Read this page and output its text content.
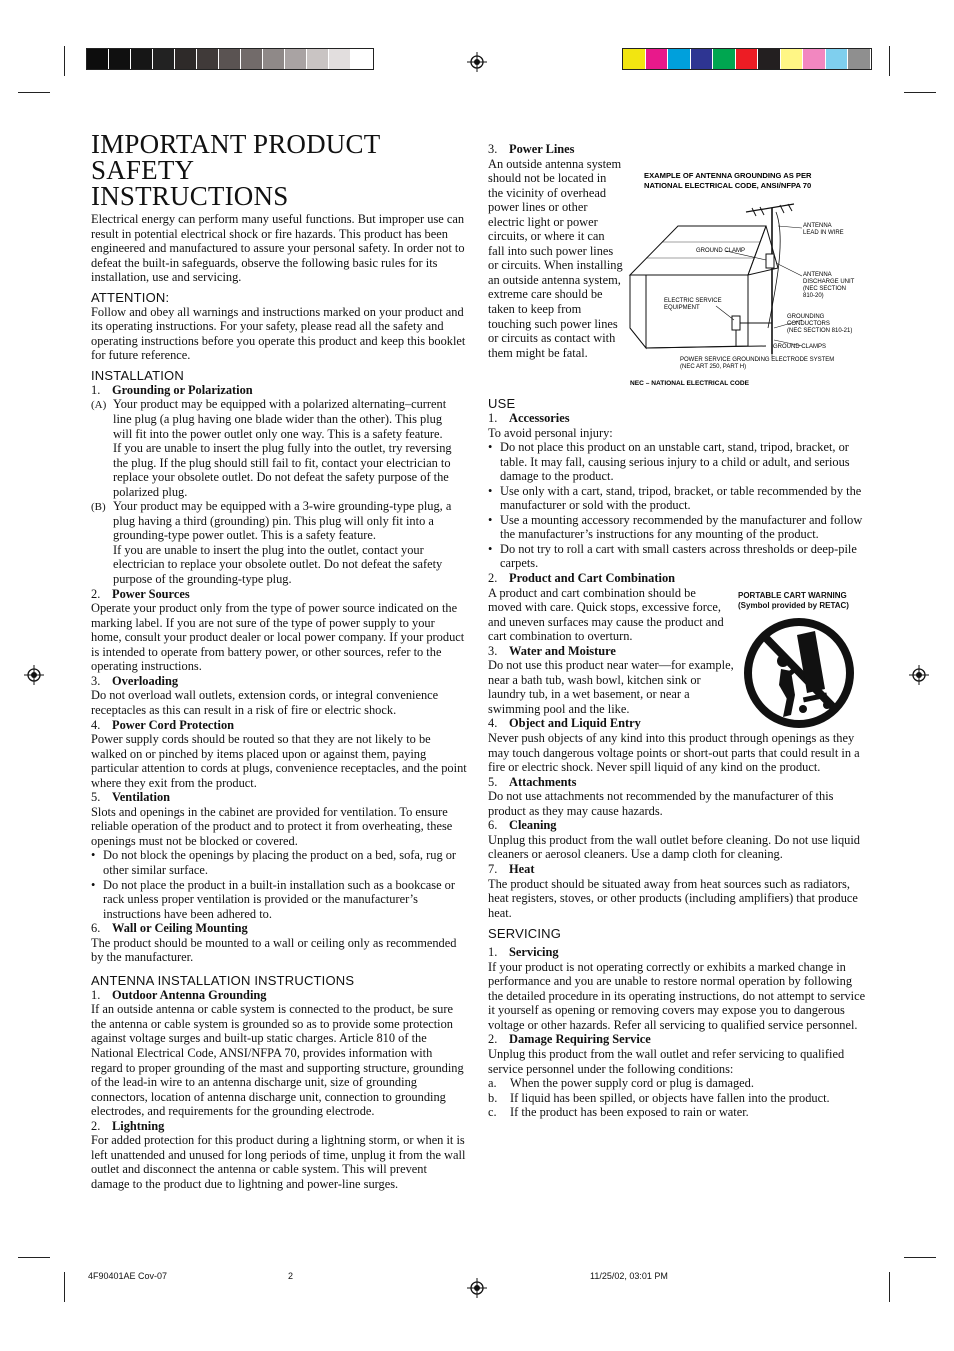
IMPORTANT PRODUCT SAFETY
INSTRUCTIONS

Electrical energy can perform many useful functions. But improper use can result in potential electrical shock or fire hazards. This product has been engineered and manufactured to assure your personal safety. In order not to defeat the built-in safeguards, observe the following basic rules for its installation, use and servicing.

ATTENTION:

Follow and obey all warnings and instructions marked on your product and its operating instructions. For your safety, please read all the safety and operating instructions before you operate this product and keep this booklet for future reference.

INSTALLATION
1. Grounding or Polarization
(A) Your product may be equipped with a polarized alternating–current line plug (a plug having one blade wider than the other). This plug will fit into the power outlet only one way. This is a safety feature.

If you are unable to insert the plug fully into the outlet, try reversing the plug. If the plug should still fail to fit, contact your electrician to replace your obsolete outlet. Do not defeat the safety purpose of the polarized plug.

(B) Your product may be equipped with a 3-wire grounding-type plug, a plug having a third (grounding) pin. This plug will only fit into a grounding-type power outlet. This is a safety feature.

If you are unable to insert the plug into the outlet, contact your electrician to replace your obsolete outlet. Do not defeat the safety purpose of the grounding-type plug.

2. Power Sources

Operate your product only from the type of power source indicated on the marking label. If you are not sure of the type of power supply to your home, consult your product dealer or local power company. If your product is intended to operate from battery power, or other sources, refer to the operating instructions.

3. Overloading

Do not overload wall outlets, extension cords, or integral convenience receptacles as this can result in a risk of fire or electric shock.

4. Power Cord Protection

Power supply cords should be routed so that they are not likely to be walked on or pinched by items placed upon or against them, paying particular attention to cords at plugs, convenience receptacles, and the point where they exit from the product.

5. Ventilation

Slots and openings in the cabinet are provided for ventilation. To ensure reliable operation of the product and to protect it from overheating, these openings must not be blocked or covered.

• Do not block the openings by placing the product on a bed, sofa, rug or other similar surface.

• Do not place the product in a built-in installation such as a bookcase or rack unless proper ventilation is provided or the manufacturer’s instructions have been adhered to.

6. Wall or Ceiling Mounting

The product should be mounted to a wall or ceiling only as recommended by the manufacturer.

ANTENNA INSTALLATION INSTRUCTIONS
1. Outdoor Antenna Grounding

If an outside antenna or cable system is connected to the product, be sure the antenna or cable system is grounded so as to provide some protection against voltage surges and built-up static charges. Article 810 of the National Electrical Code, ANSI/NFPA 70, provides information with regard to proper grounding of the mast and supporting structure, grounding of the lead-in wire to an antenna discharge unit, size of grounding connectors, location of antenna discharge unit, connection to grounding electrodes, and requirements for the grounding electrode.

2. Lightning

For added protection for this product during a lightning storm, or when it is left unattended and unused for long periods of time, unplug it from the wall outlet and disconnect the antenna or cable system. This will prevent damage to the product due to lightning and power-line surges.

3. Power Lines

An outside antenna system should not be located in the vicinity of overhead power lines or other electric light or power circuits, or where it can fall into such power lines or circuits. When installing an outside antenna system, extreme care should be taken to keep from touching such power lines or circuits as contact with them might be fatal.

EXAMPLE OF ANTENNA GROUNDING AS PER
NATIONAL ELECTRICAL CODE, ANSI/NFPA 70
ANTENNA
LEAD IN WIRE
GROUND CLAMP
ANTENNA
DISCHARGE UNIT
(NEC SECTION
810-20)
ELECTRIC SERVICE
EQUIPMENT
GROUNDING
CONDUCTORS
(NEC SECTION 810-21)
GROUND CLAMPS
POWER SERVICE GROUNDING ELECTRODE SYSTEM
(NEC ART 250, PART H)
NEC – NATIONAL ELECTRICAL CODE
USE
1. Accessories

To avoid personal injury:

• Do not place this product on an unstable cart, stand, tripod, bracket, or table. It may fall, causing serious injury to a child or adult, and serious damage to the product.

• Use only with a cart, stand, tripod, bracket, or table recommended by the manufacturer or sold with the product.

• Use a mounting accessory recommended by the manufacturer and follow the manufacturer’s instructions for any mounting of the product.

• Do not try to roll a cart with small casters across thresholds or deep-pile carpets.

2. Product and Cart Combination

A product and cart combination should be moved with care. Quick stops, excessive force, and uneven surfaces may cause the product and cart combination to overturn.

3. Water and Moisture

Do not use this product near water—for example, near a bath tub, wash bowl, kitchen sink or laundry tub, in a wet basement, or near a swimming pool and the like.

4. Object and Liquid Entry

Never push objects of any kind into this product through openings as they may touch dangerous voltage points or short-out parts that could result in a fire or electric shock. Never spill liquid of any kind on the product.

5. Attachments

Do not use attachments not recommended by the manufacturer of this product as they may cause hazards.

6. Cleaning

Unplug this product from the wall outlet before cleaning. Do not use liquid cleaners or aerosol cleaners. Use a damp cloth for cleaning.

7. Heat

The product should be situated away from heat sources such as radiators, heat registers, stoves, or other products (including amplifiers) that produce heat.

SERVICING
1. Servicing

If your product is not operating correctly or exhibits a marked change in performance and you are unable to restore normal operation by following the detailed procedure in its operating instructions, do not attempt to service it yourself as opening or removing covers may expose you to dangerous voltage or other hazards. Refer all servicing to qualified service personnel.

2. Damage Requiring Service

Unplug this product from the wall outlet and refer servicing to qualified service personnel under the following conditions:

a. When the power supply cord or plug is damaged.
b. If liquid has been spilled, or objects have fallen into the product.
c. If the product has been exposed to rain or water.
PORTABLE CART WARNING
(Symbol provided by RETAC)
4F90401AE Cov-07	2	11/25/02, 03:01 PM
